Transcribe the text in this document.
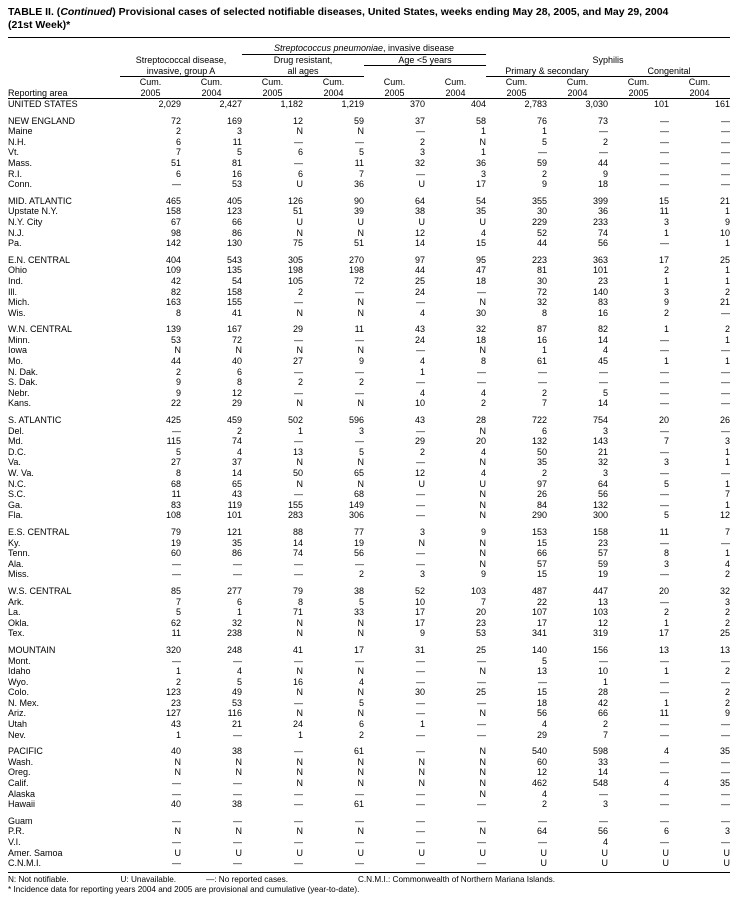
TABLE II. (Continued) Provisional cases of selected notifiable diseases, United States, weeks ending May 28, 2005, and May 29, 2004
(21st Week)*

			Streptococcus pneumoniae, invasive disease							
	Streptococcal disease,		Drug resistant,		Age <5 years		Syphilis			
	invasive, group A		all ages				Primary & secondary		Congenital	
	Cum.	Cum.	Cum.	Cum.	Cum.	Cum.	Cum.	Cum.	Cum.	Cum.
Reporting area	2005	2004	2005	2004	2005	2004	2005	2004	2005	2004
UNITED STATES	2,029	2,427	1,182	1,219	370	404	2,783	3,030	101	161

NEW ENGLAND	72	169	12	59	37	58	76	73	—	—
Maine	2	3	N	N	—	1	1	—	—	—
N.H.	6	11	—	—	2	N	5	2	—	—
Vt.	7	5	6	5	3	1	—	—	—	—
Mass.	51	81	—	11	32	36	59	44	—	—
R.I.	6	16	6	7	—	3	2	9	—	—
Conn.	—	53	U	36	U	17	9	18	—	—

MID. ATLANTIC	465	405	126	90	64	54	355	399	15	21
Upstate N.Y.	158	123	51	39	38	35	30	36	11	1
N.Y. City	67	66	U	U	U	U	229	233	3	9
N.J.	98	86	N	N	12	4	52	74	1	10
Pa.	142	130	75	51	14	15	44	56	—	1

E.N. CENTRAL	404	543	305	270	97	95	223	363	17	25
Ohio	109	135	198	198	44	47	81	101	2	1
Ind.	42	54	105	72	25	18	30	23	1	1
Ill.	82	158	2	—	24	—	72	140	3	2
Mich.	163	155	—	N	—	N	32	83	9	21
Wis.	8	41	N	N	4	30	8	16	2	—

W.N. CENTRAL	139	167	29	11	43	32	87	82	1	2
Minn.	53	72	—	—	24	18	16	14	—	1
Iowa	N	N	N	N	—	N	1	4	—	—
Mo.	44	40	27	9	4	8	61	45	1	1
N. Dak.	2	6	—	—	1	—	—	—	—	—
S. Dak.	9	8	2	2	—	—	—	—	—	—
Nebr.	9	12	—	—	4	4	2	5	—	—
Kans.	22	29	N	N	10	2	7	14	—	—

S. ATLANTIC	425	459	502	596	43	28	722	754	20	26
Del.	—	2	1	3	—	N	6	3	—	—
Md.	115	74	—	—	29	20	132	143	7	3
D.C.	5	4	13	5	2	4	50	21	—	1
Va.	27	37	N	N	—	N	35	32	3	1
W. Va.	8	14	50	65	12	4	2	3	—	—
N.C.	68	65	N	N	U	U	97	64	5	1
S.C.	11	43	—	68	—	N	26	56	—	7
Ga.	83	119	155	149	—	N	84	132	—	1
Fla.	108	101	283	306	—	N	290	300	5	12

E.S. CENTRAL	79	121	88	77	3	9	153	158	11	7
Ky.	19	35	14	19	N	N	15	23	—	—
Tenn.	60	86	74	56	—	N	66	57	8	1
Ala.	—	—	—	—	—	N	57	59	3	4
Miss.	—	—	—	2	3	9	15	19	—	2

W.S. CENTRAL	85	277	79	38	52	103	487	447	20	32
Ark.	7	6	8	5	10	7	22	13	—	3
La.	5	1	71	33	17	20	107	103	2	2
Okla.	62	32	N	N	17	23	17	12	1	2
Tex.	11	238	N	N	9	53	341	319	17	25

MOUNTAIN	320	248	41	17	31	25	140	156	13	13
Mont.	—	—	—	—	—	—	5	—	—	—
Idaho	1	4	N	N	—	N	13	10	1	2
Wyo.	2	5	16	4	—	—	—	1	—	—
Colo.	123	49	N	N	30	25	15	28	—	2
N. Mex.	23	53	—	5	—	—	18	42	1	2
Ariz.	127	116	N	N	—	N	56	66	11	9
Utah	43	21	24	6	1	—	4	2	—	—
Nev.	1	—	1	2	—	—	29	7	—	—

PACIFIC	40	38	—	61	—	N	540	598	4	35
Wash.	N	N	N	N	N	N	60	33	—	—
Oreg.	N	N	N	N	N	N	12	14	—	—
Calif.	—	—	N	N	N	N	462	548	4	35
Alaska	—	—	—	—	—	N	4	—	—	—
Hawaii	40	38	—	61	—	—	2	3	—	—

Guam	—	—	—	—	—	—	—	—	—	—
P.R.	N	N	N	N	—	N	64	56	6	3
V.I.	—	—	—	—	—	—	—	4	—	—
Amer. Samoa	U	U	U	U	U	U	U	U	U	U
C.N.M.I.	—	—	—	—	—	—	U	U	U	U
N: Not notifiable.	U: Unavailable.	—: No reported cases.	C.N.M.I.: Commonwealth of Northern Mariana Islands.
* Incidence data for reporting years 2004 and 2005 are provisional and cumulative (year-to-date).
